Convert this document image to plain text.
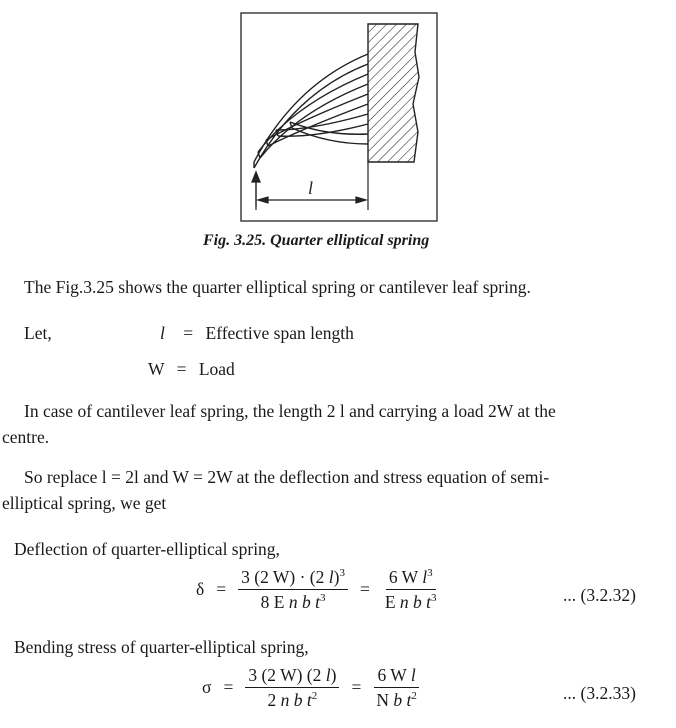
l
Fig. 3.25. Quarter elliptical spring
The Fig.3.25 shows the quarter elliptical spring or cantilever leaf spring.
Let,	l = Effective span length
W = Load
In case of cantilever leaf spring, the length 2 l and carrying a load 2W at the
centre.
So replace l = 2l and W = 2W at the deflection and stress equation of semi-
elliptical spring, we get
Deflection of quarter-elliptical spring,
$\delta = \frac{3 (2 W) \cdot (2 l)^3}{8 E n b t^3} = \frac{6 W l^3}{E n b t^3}$	... (3.2.32)
Bending stress of quarter-elliptical spring,
$\sigma = \frac{3 (2 W) (2 l)}{2 n b t^2} = \frac{\text{6 W l}}{N b t^2}$	... (3.2.33)
